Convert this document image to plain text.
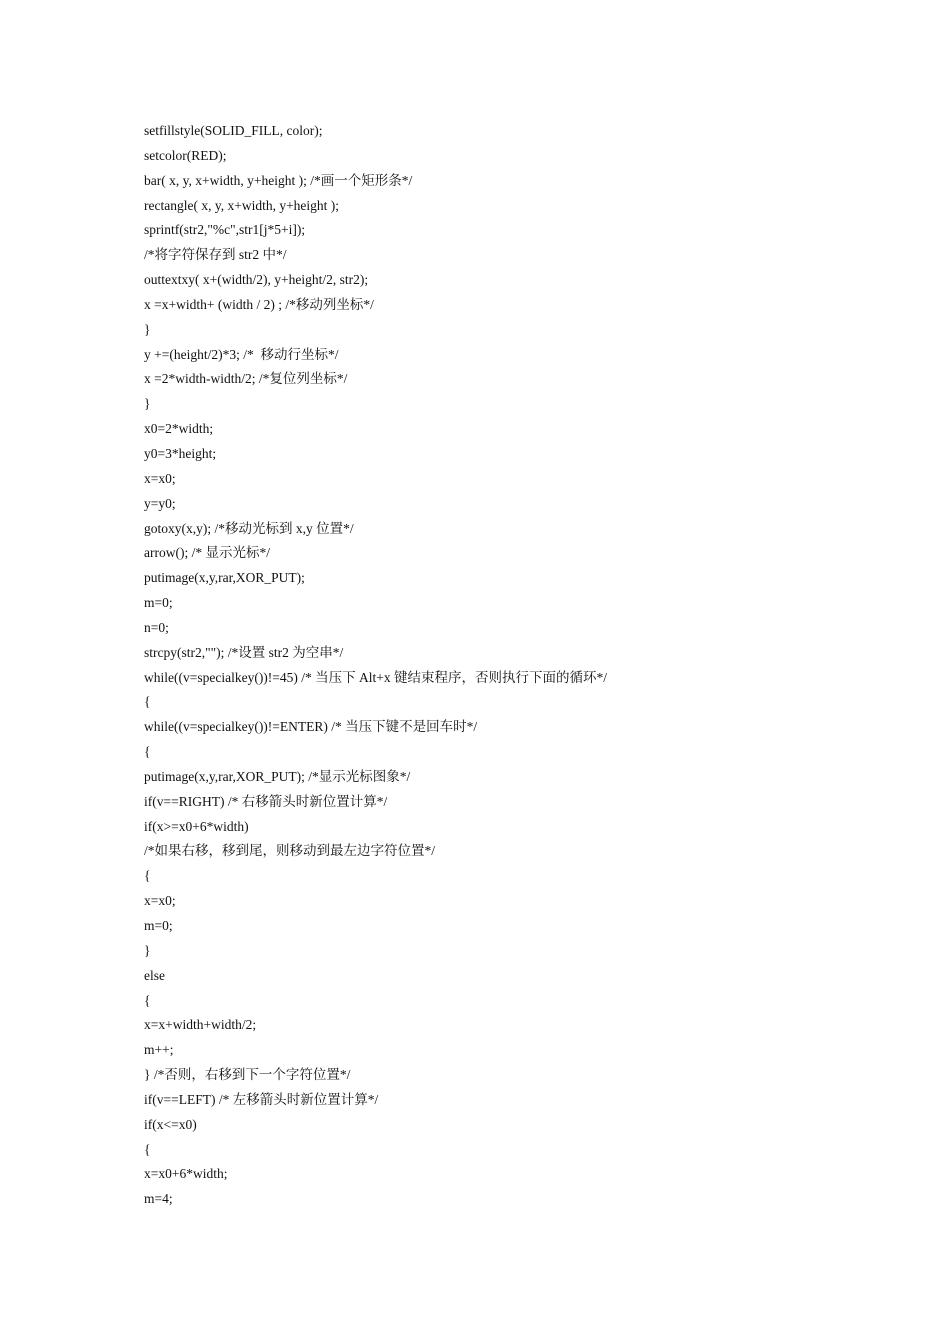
setfillstyle(SOLID_FILL, color);
setcolor(RED);
bar( x, y, x+width, y+height ); /*画一个矩形条*/
rectangle( x, y, x+width, y+height );
sprintf(str2,"%c",str1[j*5+i]);
/*将字符保存到 str2 中*/
outtextxy( x+(width/2), y+height/2, str2);
x =x+width+ (width / 2) ; /*移动列坐标*/
}
y +=(height/2)*3; /*  移动行坐标*/
x =2*width-width/2; /*复位列坐标*/
}
x0=2*width;
y0=3*height;
x=x0;
y=y0;
gotoxy(x,y); /*移动光标到 x,y 位置*/
arrow(); /* 显示光标*/
putimage(x,y,rar,XOR_PUT);
m=0;
n=0;
strcpy(str2,""); /*设置 str2 为空串*/
while((v=specialkey())!=45) /* 当压下 Alt+x 键结束程序，否则执行下面的循环*/
{
while((v=specialkey())!=ENTER) /* 当压下键不是回车时*/
{
putimage(x,y,rar,XOR_PUT); /*显示光标图象*/
if(v==RIGHT) /* 右移箭头时新位置计算*/
if(x>=x0+6*width)
/*如果右移，移到尾，则移动到最左边字符位置*/
{
x=x0;
m=0;
}
else
{
x=x+width+width/2;
m++;
} /*否则，右移到下一个字符位置*/
if(v==LEFT) /* 左移箭头时新位置计算*/
if(x<=x0)
{
x=x0+6*width;
m=4;
